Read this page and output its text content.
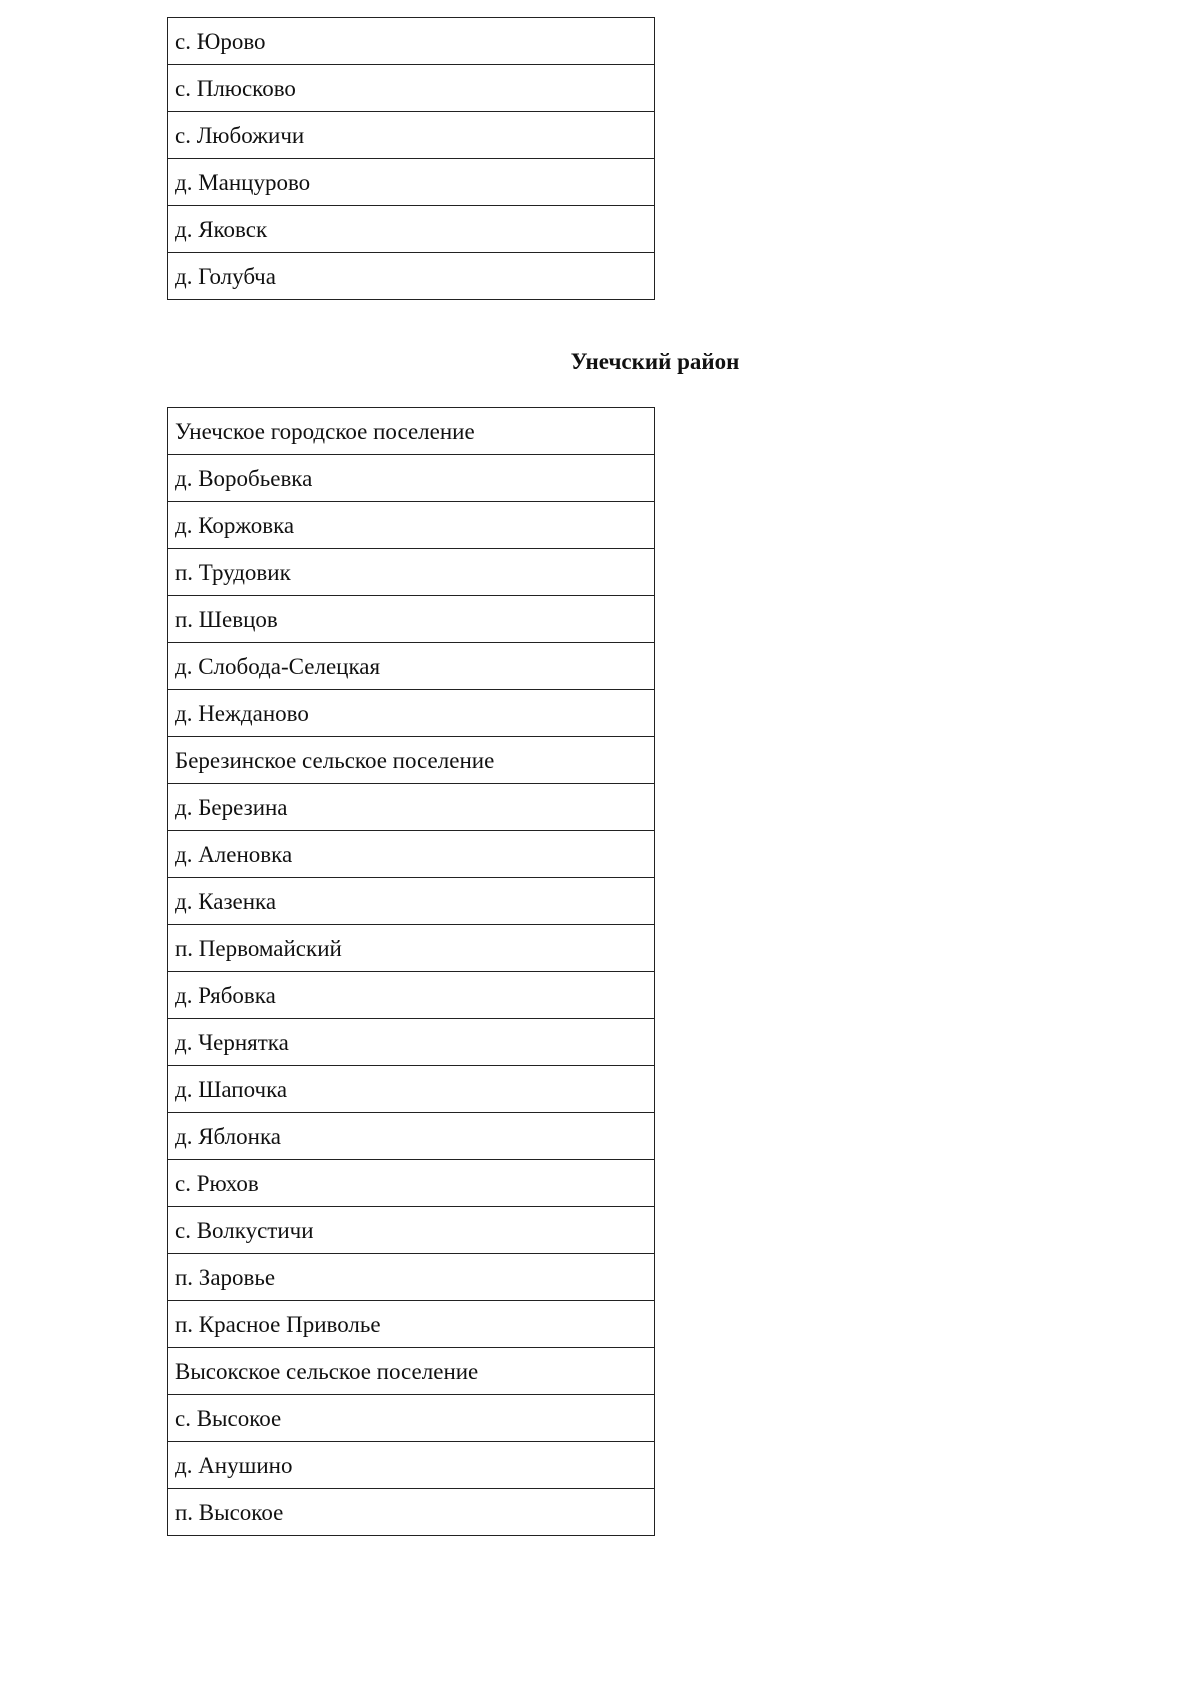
с. Юрово
с. Плюсково
с. Любожичи
д. Манцурово
д. Яковск
д. Голубча
Унечский район
Унечское городское поселение
д. Воробьевка
д. Коржовка
п. Трудовик
п. Шевцов
д. Слобода-Селецкая
д. Нежданово
Березинское сельское поселение
д. Березина
д. Аленовка
д. Казенка
п. Первомайский
д. Рябовка
д. Чернятка
д. Шапочка
д. Яблонка
с. Рюхов
с. Волкустичи
п. Заровье
п. Красное Приволье
Высокское сельское поселение
с. Высокое
д. Анушино
п. Высокое
